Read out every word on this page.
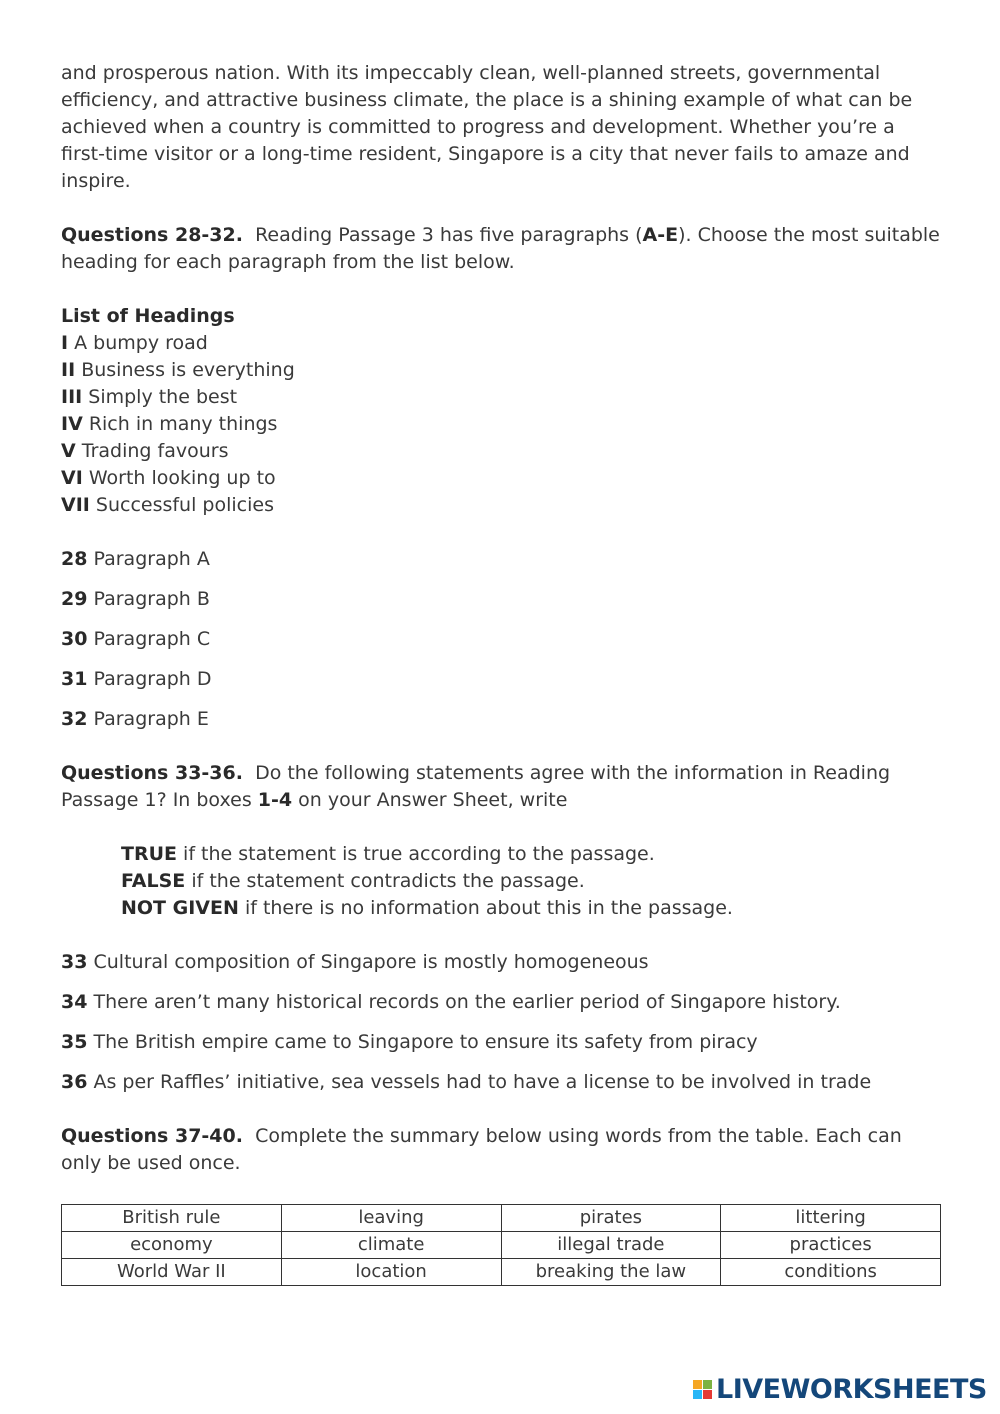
and prosperous nation. With its impeccably clean, well-planned streets, governmental efficiency, and attractive business climate, the place is a shining example of what can be achieved when a country is committed to progress and development. Whether you’re a first-time visitor or a long-time resident, Singapore is a city that never fails to amaze and inspire.

Questions 28-32. Reading Passage 3 has five paragraphs (A-E). Choose the most suitable heading for each paragraph from the list below.

List of Headings

I A bumpy road

II Business is everything

III Simply the best

IV Rich in many things

V Trading favours

VI Worth looking up to

VII Successful policies

28 Paragraph A
29 Paragraph B
30 Paragraph C
31 Paragraph D
32 Paragraph E

Questions 33-36. Do the following statements agree with the information in Reading Passage 1? In boxes 1-4 on your Answer Sheet, write

TRUE if the statement is true according to the passage.

FALSE if the statement contradicts the passage.

NOT GIVEN if there is no information about this in the passage.

33 Cultural composition of Singapore is mostly homogeneous
34 There aren’t many historical records on the earlier period of Singapore history.
35 The British empire came to Singapore to ensure its safety from piracy
36 As per Raffles’ initiative, sea vessels had to have a license to be involved in trade

Questions 37-40. Complete the summary below using words from the table. Each can only be used once.

British rule	leaving	pirates	littering
economy	climate	illegal trade	practices
World War II	location	breaking the law	conditions
LIVEWORKSHEETS
